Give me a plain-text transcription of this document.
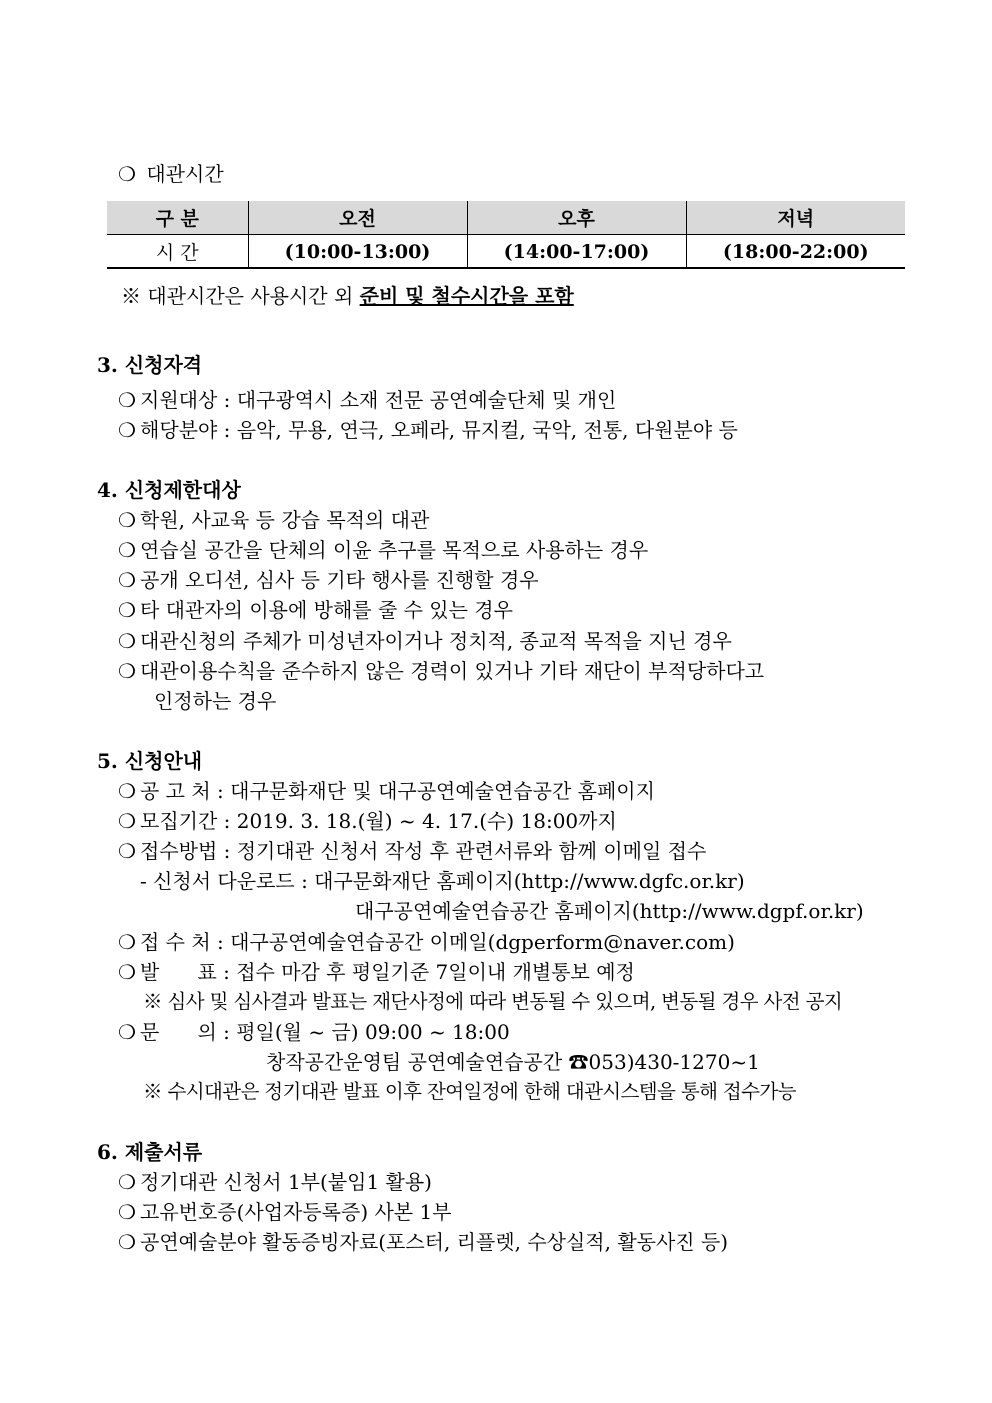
❍ 대관시간
구 분	오전	오후	저녁
시 간	(10:00-13:00)	(14:00-17:00)	(18:00-22:00)
※ 대관시간은 사용시간 외 준비 및 철수시간을 포함
3. 신청자격
❍ 지원대상 : 대구광역시 소재 전문 공연예술단체 및 개인
❍ 해당분야 : 음악, 무용, 연극, 오페라, 뮤지컬, 국악, 전통, 다원분야 등
4. 신청제한대상
❍ 학원, 사교육 등 강습 목적의 대관
❍ 연습실 공간을 단체의 이윤 추구를 목적으로 사용하는 경우
❍ 공개 오디션, 심사 등 기타 행사를 진행할 경우
❍ 타 대관자의 이용에 방해를 줄 수 있는 경우
❍ 대관신청의 주체가 미성년자이거나 정치적, 종교적 목적을 지닌 경우
❍ 대관이용수칙을 준수하지 않은 경력이 있거나 기타 재단이 부적당하다고
인정하는 경우
5. 신청안내
❍ 공 고 처 : 대구문화재단 및 대구공연예술연습공간 홈페이지
❍ 모집기간 : 2019. 3. 18.(월) ~ 4. 17.(수) 18:00까지
❍ 접수방법 : 정기대관 신청서 작성 후 관련서류와 함께 이메일 접수
- 신청서 다운로드 : 대구문화재단 홈페이지(http://www.dgfc.or.kr)
대구공연예술연습공간 홈페이지(http://www.dgpf.or.kr)
❍ 접 수 처 : 대구공연예술연습공간 이메일(dgperform@naver.com)
❍ 발      표 : 접수 마감 후 평일기준 7일이내 개별통보 예정
※ 심사 및 심사결과 발표는 재단사정에 따라 변동될 수 있으며, 변동될 경우 사전 공지
❍ 문      의 : 평일(월 ~ 금) 09:00 ~ 18:00
창작공간운영팀 공연예술연습공간 ☎053)430-1270~1
※ 수시대관은 정기대관 발표 이후 잔여일정에 한해 대관시스템을 통해 접수가능
6. 제출서류
❍ 정기대관 신청서 1부(붙임1 활용)
❍ 고유번호증(사업자등록증) 사본 1부
❍ 공연예술분야 활동증빙자료(포스터, 리플렛, 수상실적, 활동사진 등)
